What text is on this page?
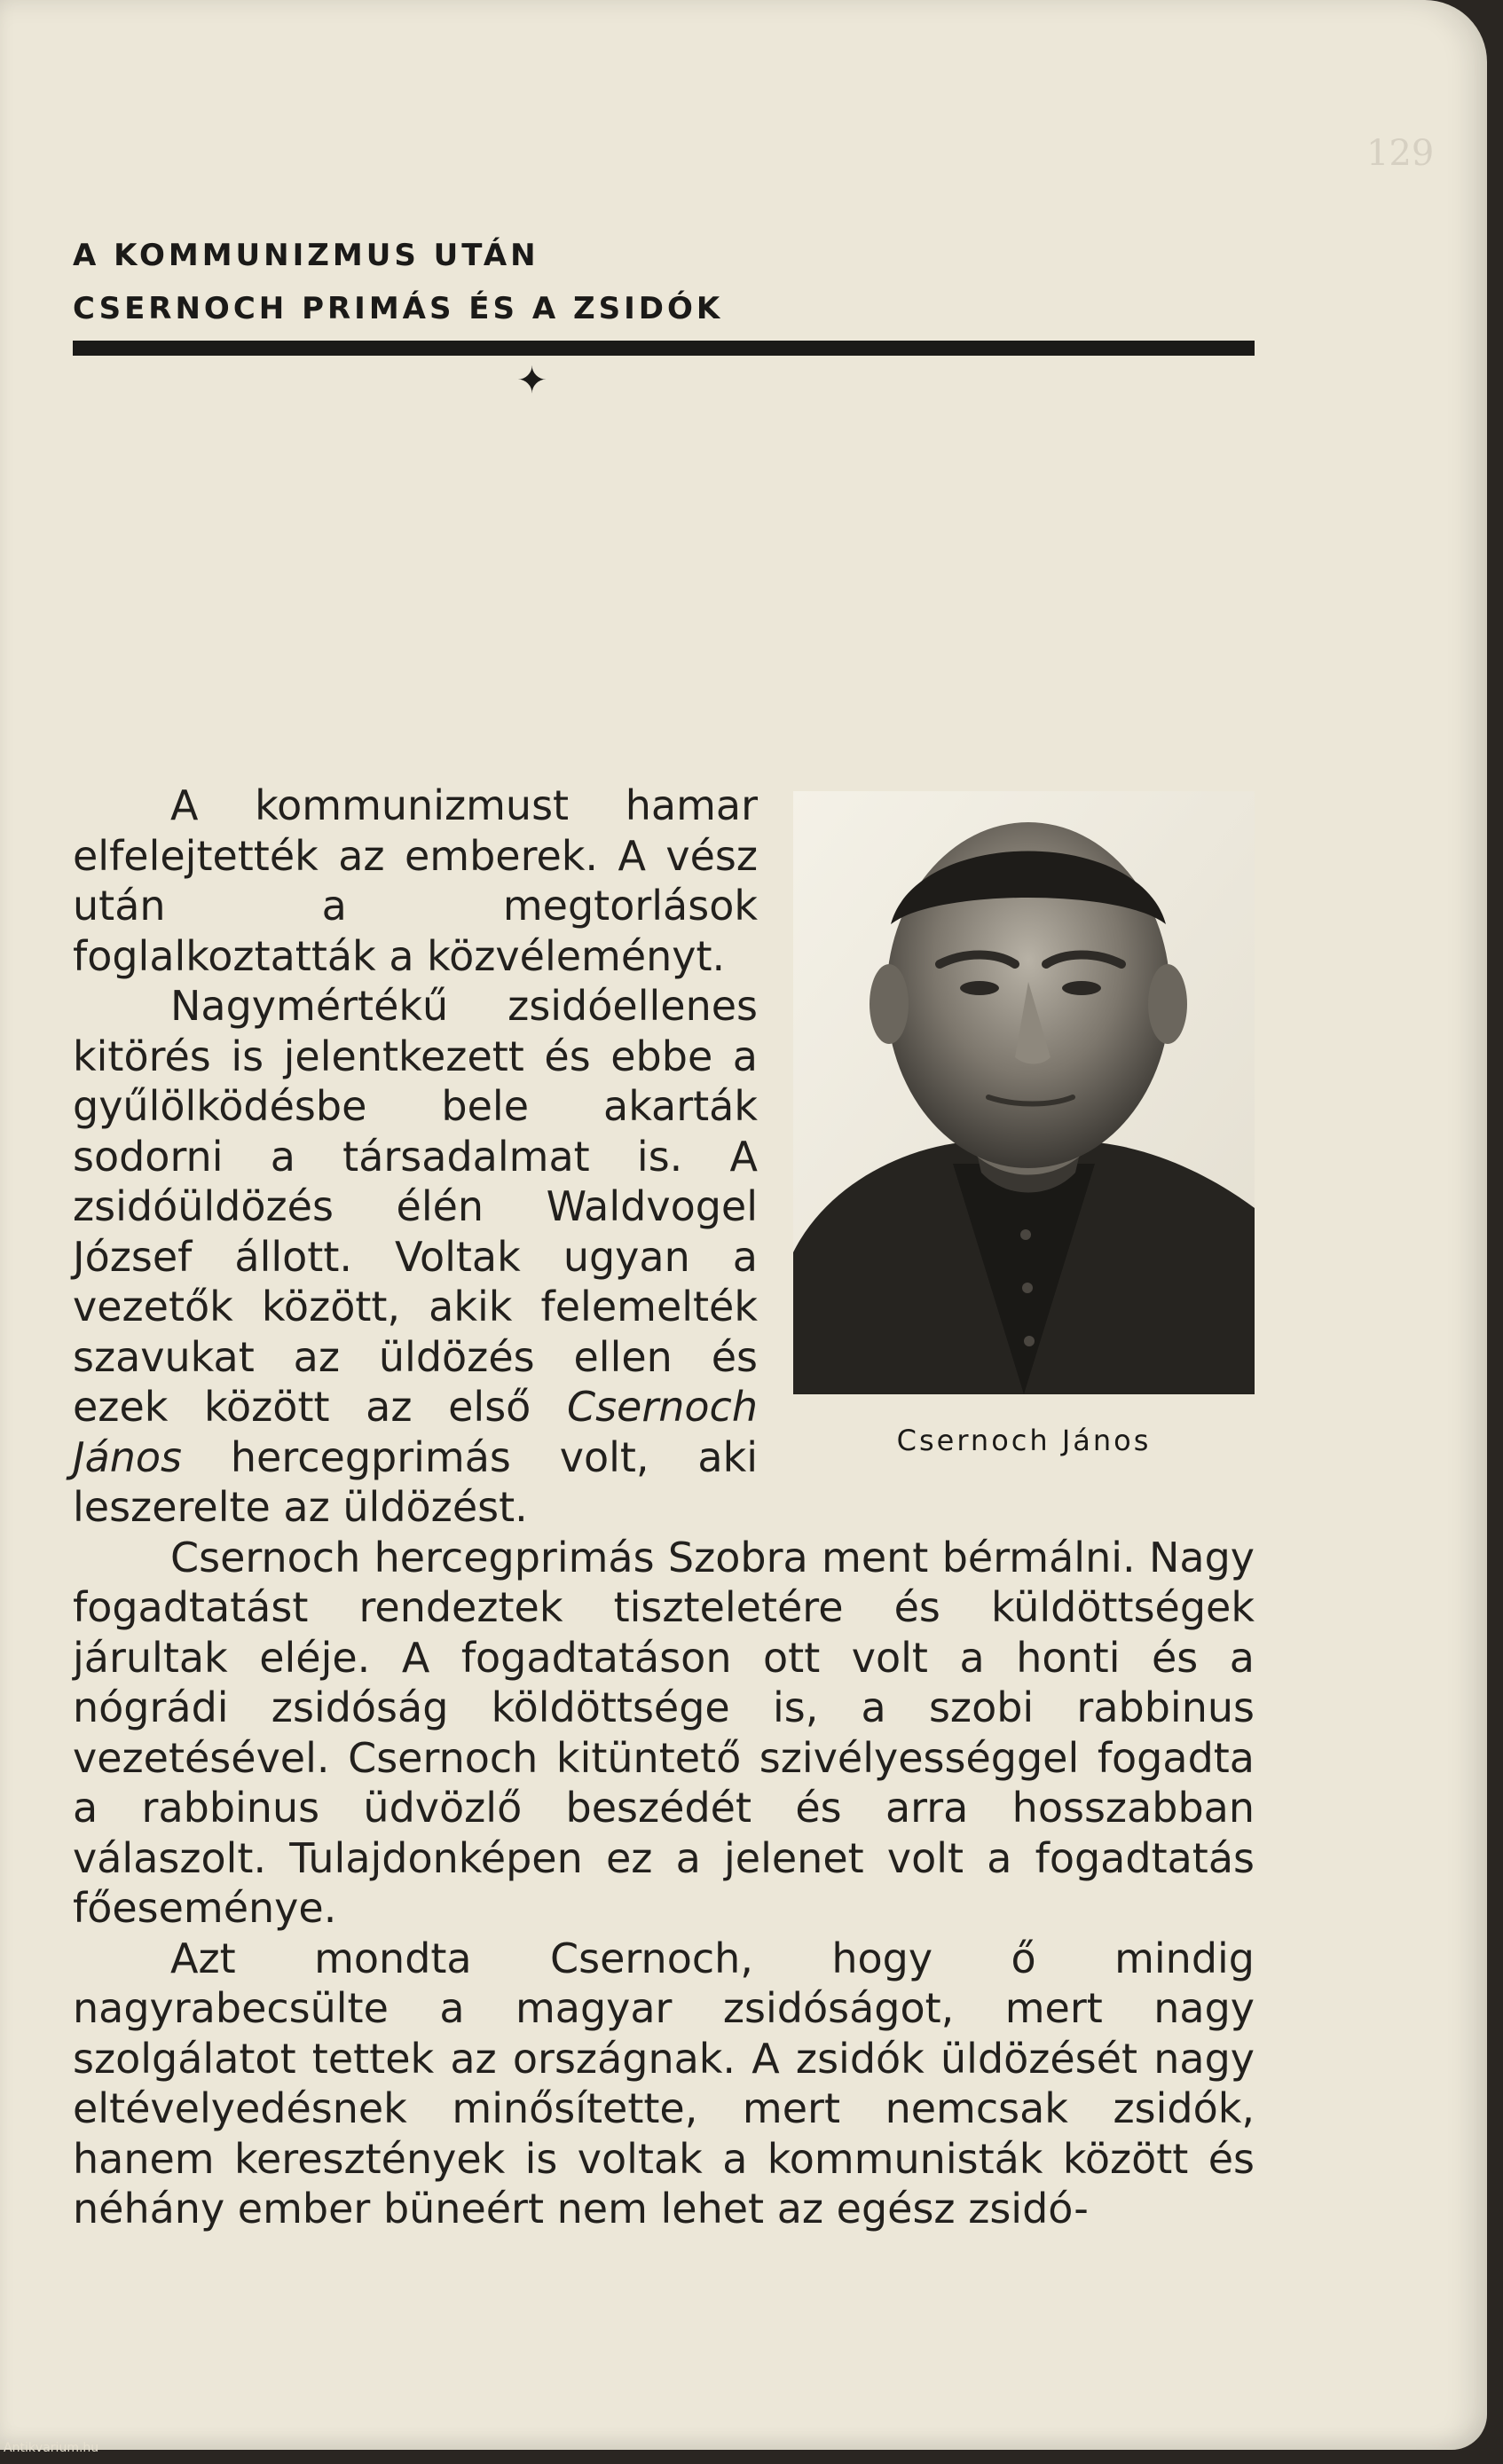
129
A KOMMUNIZMUS UTÁN
CSERNOCH PRIMÁS ÉS A ZSIDÓK
✦
Csernoch János

A kommunizmust hamar elfelejtették az emberek. A vész után a megtorlások foglalkoztatták a közvéleményt.

Nagymértékű zsidóellenes kitörés is jelentkezett és ebbe a gyűlölködésbe bele akarták sodorni a társadalmat is. A zsidóüldözés élén Waldvogel József állott. Voltak ugyan a vezetők között, akik felemelték szavukat az üldözés ellen és ezek között az első Csernoch János hercegprimás volt, aki leszerelte az üldözést.

Csernoch hercegprimás Szobra ment bérmálni. Nagy fogadtatást rendeztek tiszteletére és küldöttségek járultak eléje. A fogadtatáson ott volt a honti és a nógrádi zsidóság köldöttsége is, a szobi rabbinus vezetésével. Csernoch kitüntető szivélyességgel fogadta a rabbinus üdvözlő beszédét és arra hosszabban válaszolt. Tulajdonképen ez a jelenet volt a fogadtatás főeseménye.

Azt mondta Csernoch, hogy ő mindig nagyrabecsülte a magyar zsidóságot, mert nagy szolgálatot tettek az országnak. A zsidók üldözését nagy eltévelyedésnek minősítette, mert nemcsak zsidók, hanem keresztények is voltak a kommunisták között és néhány ember büneért nem lehet az egész zsidó-

Antikvarium.hu
